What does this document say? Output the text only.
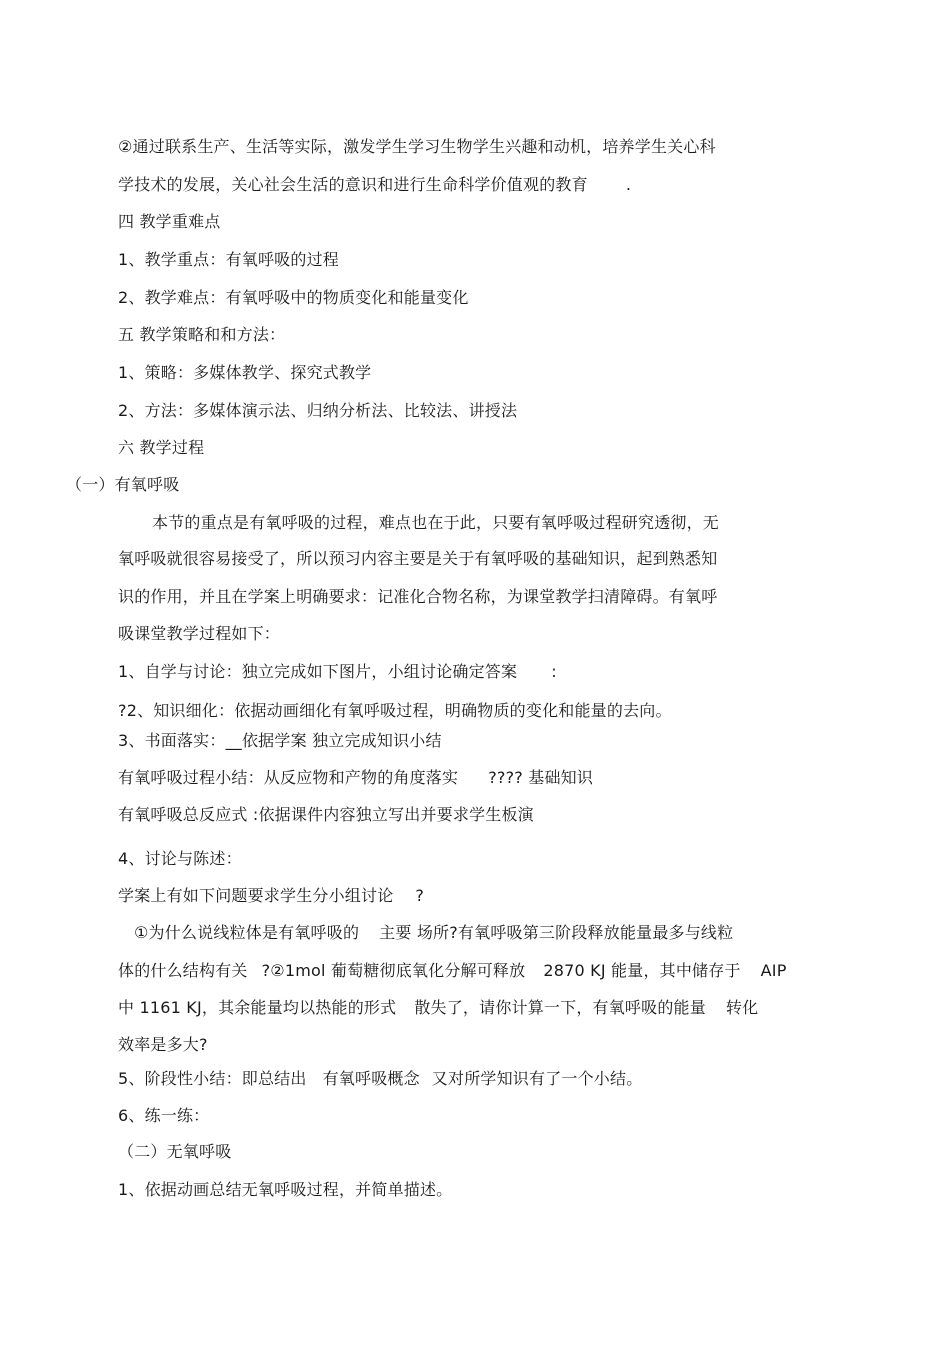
②通过联系生产、生活等实际，激发学生学习生物学生兴趣和动机，培养学生关心科
学技术的发展，关心社会生活的意识和进行生命科学价值观的教育 .
四 教学重难点
1、教学重点：有氧呼吸的过程
2、教学难点：有氧呼吸中的物质变化和能量变化
五 教学策略和和方法：
1、策略：多媒体教学、探究式教学
2、方法：多媒体演示法、归纳分析法、比较法、讲授法
六 教学过程
（一）有氧呼吸
本节的重点是有氧呼吸的过程，难点也在于此，只要有氧呼吸过程研究透彻，无
氧呼吸就很容易接受了，所以预习内容主要是关于有氧呼吸的基础知识，起到熟悉知
识的作用，并且在学案上明确要求：记准化合物名称，为课堂教学扫清障碍。有氧呼
吸课堂教学过程如下：
1、自学与讨论：独立完成如下图片，小组讨论确定答案 :
?2、知识细化：依据动画细化有氧呼吸过程，明确物质的变化和能量的去向。
3、书面落实：__依据学案 独立完成知识小结
有氧呼吸过程小结：从反应物和产物的角度落实 ???? 基础知识
有氧呼吸总反应式 :依据课件内容独立写出并要求学生板演
4、讨论与陈述：
学案上有如下问题要求学生分小组讨论 ?
①为什么说线粒体是有氧呼吸的 主要 场所?有氧呼吸第三阶段释放能量最多与线粒
体的什么结构有关 ?②1mol 葡萄糖彻底氧化分解可释放 2870 KJ 能量，其中储存于 AIP
中 1161 KJ，其余能量均以热能的形式 散失了，请你计算一下，有氧呼吸的能量 转化
效率是多大?
5、阶段性小结：即总结出 有氧呼吸概念 又对所学知识有了一个小结。
6、练一练：
（二）无氧呼吸
1、依据动画总结无氧呼吸过程，并简单描述。
